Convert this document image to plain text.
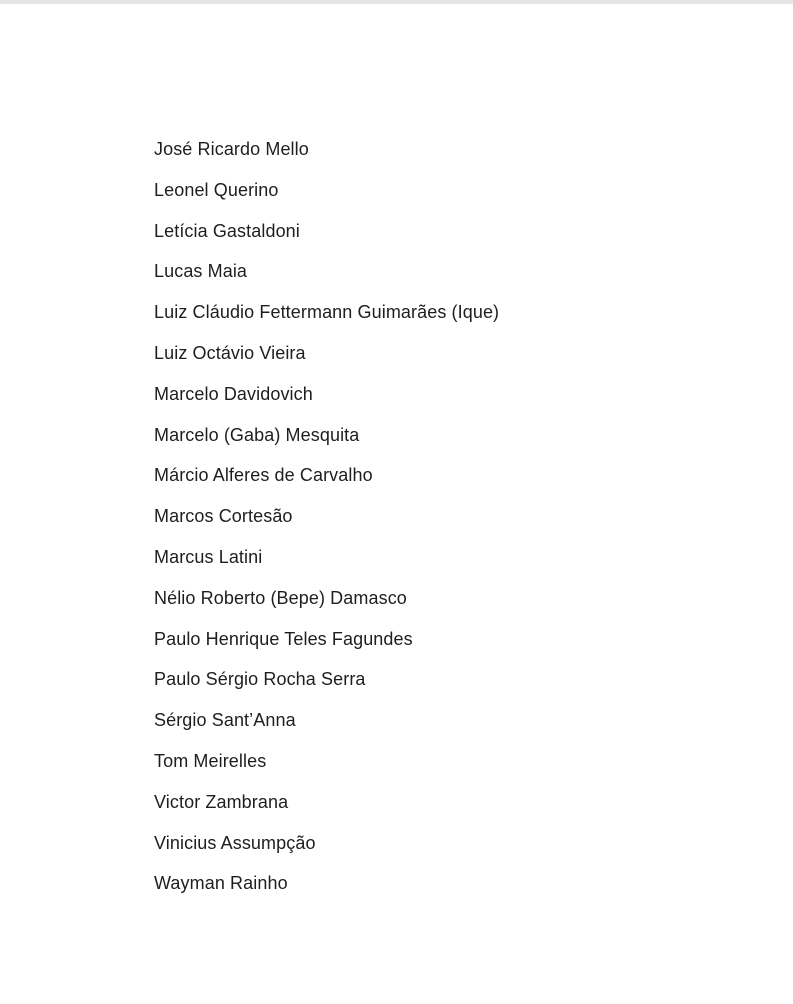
José Ricardo Mello
Leonel Querino
Letícia Gastaldoni
Lucas Maia
Luiz Cláudio Fettermann Guimarães (Ique)
Luiz Octávio Vieira
Marcelo Davidovich
Marcelo (Gaba) Mesquita
Márcio Alferes de Carvalho
Marcos Cortesão
Marcus Latini
Nélio Roberto (Bepe) Damasco
Paulo Henrique Teles Fagundes
Paulo Sérgio Rocha Serra
Sérgio Sant’Anna
Tom Meirelles
Victor Zambrana
Vinicius Assumpção
Wayman Rainho
